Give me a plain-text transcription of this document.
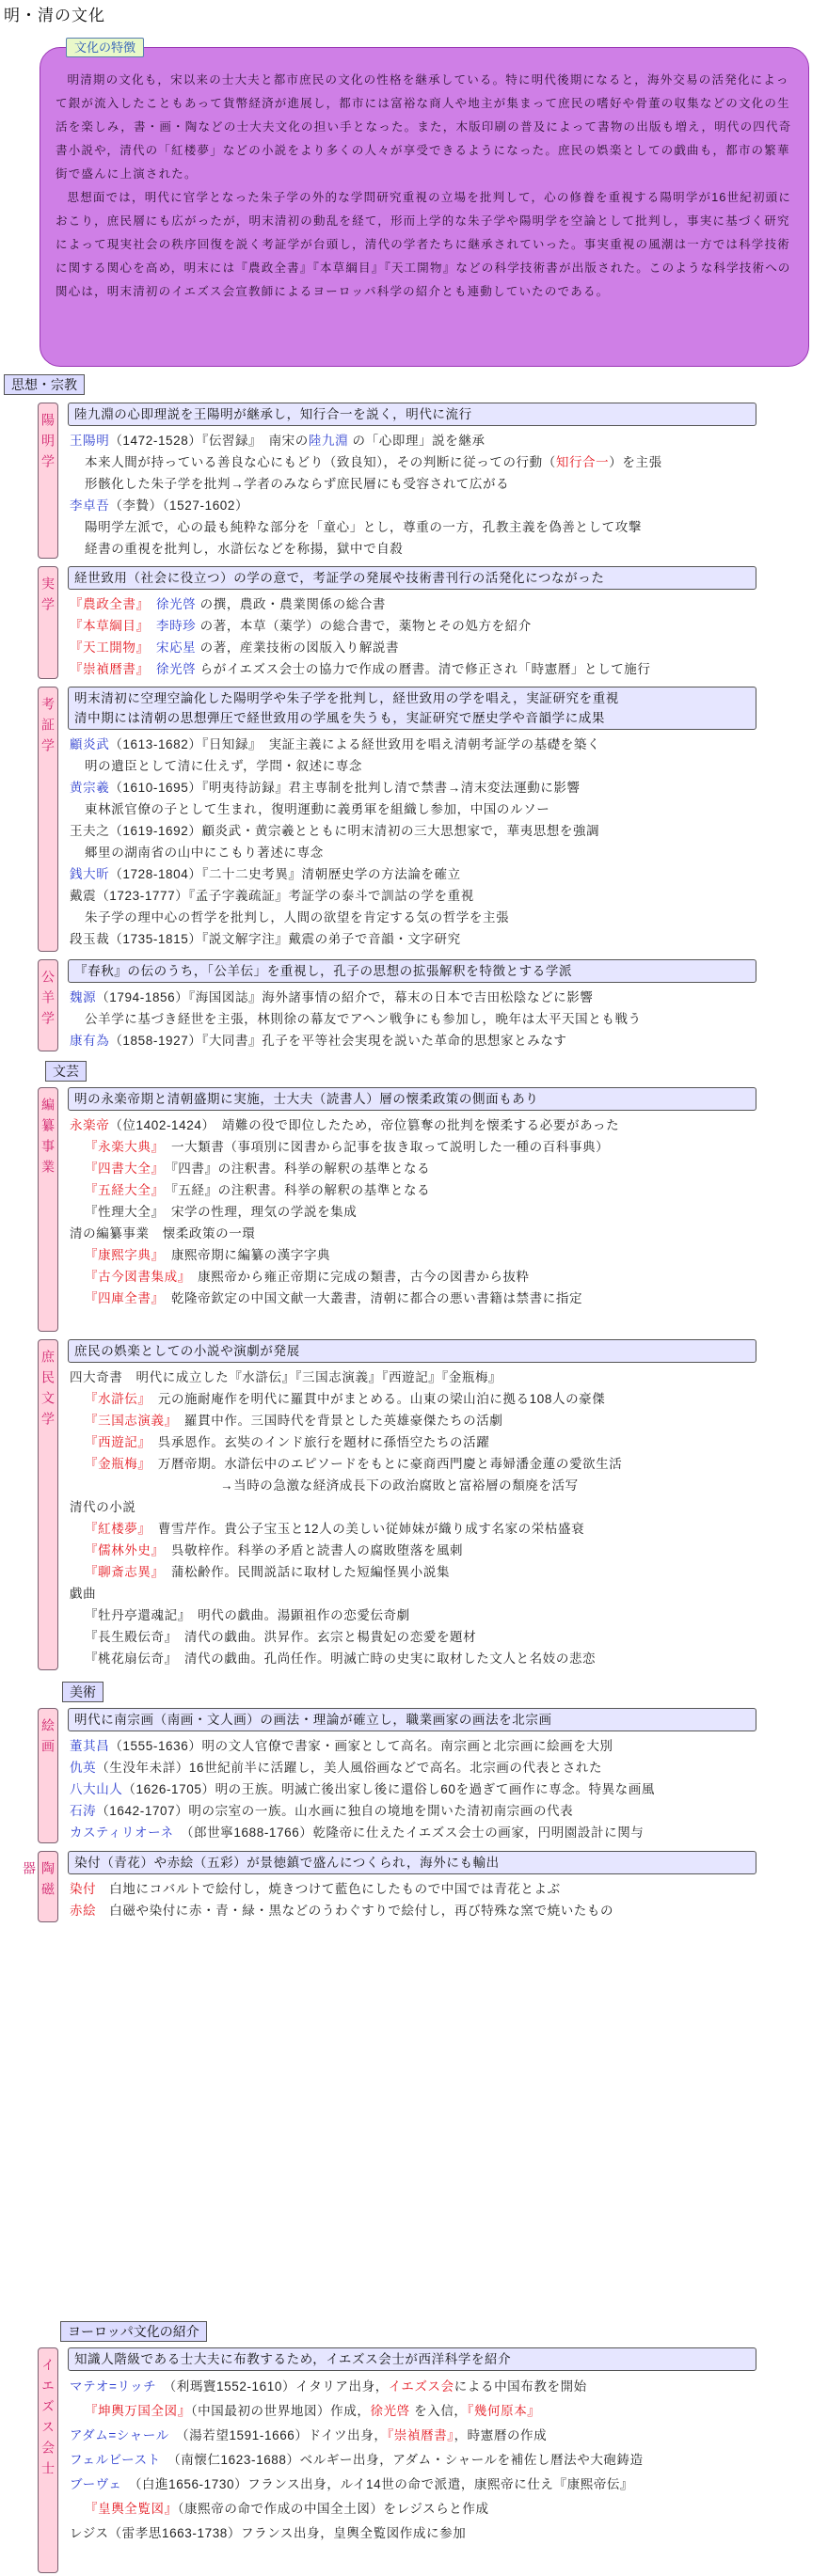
明・清の文化
文化の特徴

明清期の文化も，宋以来の士大夫と都市庶民の文化の性格を継承している。特に明代後期になると，海外交易の活発化によって銀が流入したこともあって貨幣経済が進展し，都市には富裕な商人や地主が集まって庶民の嗜好や骨董の収集などの文化の生活を楽しみ，書・画・陶などの士大夫文化の担い手となった。また，木版印刷の普及によって書物の出版も増え，明代の四代奇書小説や，清代の「紅楼夢」などの小説をより多くの人々が享受できるようになった。庶民の娯楽としての戯曲も，都市の繁華街で盛んに上演された。

思想面では，明代に官学となった朱子学の外的な学問研究重視の立場を批判して，心の修養を重視する陽明学が16世紀初頭におこり，庶民層にも広がったが，明末清初の動乱を経て，形而上学的な朱子学や陽明学を空論として批判し，事実に基づく研究によって現実社会の秩序回復を説く考証学が台頭し，清代の学者たちに継承されていった。事実重視の風潮は一方では科学技術に関する関心を高め，明末には『農政全書』『本草綱目』『天工開物』などの科学技術書が出版された。このような科学技術への関心は，明末清初のイエズス会宣教師によるヨーロッパ科学の紹介とも連動していたのである。

思想・宗教
陽明学 陸九淵の心即理説を王陽明が継承し，知行合一を説く，明代に流行
王陽明（1472-1528）『伝習録』　南宋の陸九淵 の「心即理」説を継承
本来人間が持っている善良な心にもどり（致良知），その判断に従っての行動（知行合一）を主張
形骸化した朱子学を批判→学者のみならず庶民層にも受容されて広がる
李卓吾（李贄）（1527-1602）
陽明学左派で，心の最も純粋な部分を「童心」とし，尊重の一方，孔教主義を偽善として攻撃
経書の重視を批判し，水滸伝などを称揚，獄中で自殺
実学 経世致用（社会に役立つ）の学の意で，考証学の発展や技術書刊行の活発化につながった
『農政全書』　 徐光啓 の撰，農政・農業関係の総合書
『本草綱目』　 李時珍 の著，本草（薬学）の総合書で，薬物とその処方を紹介
『天工開物』　 宋応星 の著，産業技術の図版入り解説書
『崇禎暦書』　 徐光啓 らがイエズス会士の協力で作成の暦書。清で修正され「時憲暦」として施行
考証学 明末清初に空理空論化した陽明学や朱子学を批判し，経世致用の学を唱え，実証研究を重視
清中期には清朝の思想弾圧で経世致用の学風を失うも，実証研究で歴史学や音韻学に成果
顧炎武（1613-1682）『日知録』　実証主義による経世致用を唱え清朝考証学の基礎を築く
明の遺臣として清に仕えず，学問・叙述に専念
黄宗羲（1610-1695）『明夷待訪録』君主専制を批判し清で禁書→清末変法運動に影響
東林派官僚の子として生まれ，復明運動に義勇軍を組織し参加，中国のルソー
王夫之（1619-1692）顧炎武・黄宗羲とともに明末清初の三大思想家で，華夷思想を強調
郷里の湖南省の山中にこもり著述に専念
銭大昕（1728-1804）『二十二史考異』清朝歴史学の方法論を確立
戴震（1723-1777）『孟子字義疏証』考証学の泰斗で訓詁の学を重視
朱子学の理中心の哲学を批判し，人間の欲望を肯定する気の哲学を主張
段玉裁（1735-1815）『説文解字注』戴震の弟子で音韻・文字研究
公羊学 『春秋』の伝のうち，「公羊伝」を重視し，孔子の思想の拡張解釈を特徴とする学派
魏源（1794-1856）『海国図誌』海外諸事情の紹介で，幕末の日本で吉田松陰などに影響
公羊学に基づき経世を主張，林則徐の幕友でアヘン戦争にも参加し，晩年は太平天国とも戦う
康有為（1858-1927）『大同書』孔子を平等社会実現を説いた革命的思想家とみなす
文芸
編纂事業 明の永楽帝期と清朝盛期に実施，士大夫（読書人）層の懐柔政策の側面もあり
永楽帝（位1402-1424）　靖難の役で即位したため，帝位篡奪の批判を懐柔する必要があった
『永楽大典』　一大類書（事項別に図書から記事を抜き取って説明した一種の百科事典）
『四書大全』　『四書』の注釈書。科挙の解釈の基準となる
『五経大全』　『五経』の注釈書。科挙の解釈の基準となる
『性理大全』　宋学の性理，理気の学説を集成
清の編纂事業　懐柔政策の一環
『康熙字典』　康熙帝期に編纂の漢字字典
『古今図書集成』　康熙帝から雍正帝期に完成の類書，古今の図書から抜粋
『四庫全書』　乾隆帝欽定の中国文献一大叢書，清朝に都合の悪い書籍は禁書に指定
庶民文学 庶民の娯楽としての小説や演劇が発展
四大奇書　明代に成立した『水滸伝』『三国志演義』『西遊記』『金瓶梅』
『水滸伝』　元の施耐庵作を明代に羅貫中がまとめる。山東の梁山泊に拠る108人の豪傑
『三国志演義』　羅貫中作。三国時代を背景とした英雄豪傑たちの活劇
『西遊記』　呉承恩作。玄奘のインド旅行を題材に孫悟空たちの活躍
『金瓶梅』　万暦帝期。水滸伝中のエピソードをもとに豪商西門慶と毒婦潘金蓮の愛欲生活
→当時の急激な経済成長下の政治腐敗と富裕層の頽廃を活写
清代の小説
『紅楼夢』　曹雪芹作。貴公子宝玉と12人の美しい従姉妹が織り成す名家の栄枯盛衰
『儒林外史』　呉敬梓作。科挙の矛盾と読書人の腐敗堕落を風刺
『聊斎志異』　蒲松齢作。民間説話に取材した短編怪異小説集
戯曲
『牡丹亭還魂記』　明代の戯曲。湯顕祖作の恋愛伝奇劇
『長生殿伝奇』　清代の戯曲。洪昇作。玄宗と楊貴妃の恋愛を題材
『桃花扇伝奇』　清代の戯曲。孔尚任作。明滅亡時の史実に取材した文人と名妓の悲恋
美術
絵画 明代に南宗画（南画・文人画）の画法・理論が確立し，職業画家の画法を北宗画
董其昌（1555-1636）明の文人官僚で書家・画家として高名。南宗画と北宗画に絵画を大別
仇英（生没年未詳）16世紀前半に活躍し，美人風俗画などで高名。北宗画の代表とされた
八大山人（1626-1705）明の王族。明滅亡後出家し後に還俗し60を過ぎて画作に専念。特異な画風
石涛（1642-1707）明の宗室の一族。山水画に独自の境地を開いた清初南宗画の代表
カスティリオーネ　（郎世寧1688-1766）乾隆帝に仕えたイエズス会士の画家，円明園設計に関与
陶磁器	染付（青花）や赤絵（五彩）が景徳鎮で盛んにつくられ，海外にも輸出
染付　白地にコバルトで絵付し，焼きつけて藍色にしたもので中国では青花とよぶ
赤絵　白磁や染付に赤・青・緑・黒などのうわぐすりで絵付し，再び特殊な窯で焼いたもの
ヨーロッパ文化の紹介
イエズス会士 知識人階級である士大夫に布教するため，イエズス会士が西洋科学を紹介
マテオ=リッチ　（利瑪竇1552-1610）イタリア出身，イエズス会による中国布教を開始
『坤輿万国全図』（中国最初の世界地図）作成，徐光啓 を入信，『幾何原本』
アダム=シャール　（湯若望1591-1666）ドイツ出身，『崇禎暦書』，時憲暦の作成
フェルビースト　（南懐仁1623-1688）ベルギー出身，アダム・シャールを補佐し暦法や大砲鋳造
ブーヴェ　（白進1656-1730）フランス出身，ルイ14世の命で派遣，康熙帝に仕え『康熙帝伝』
『皇輿全覧図』（康熙帝の命で作成の中国全土図）をレジスらと作成
レジス（雷孝思1663-1738）フランス出身，皇輿全覧図作成に参加
